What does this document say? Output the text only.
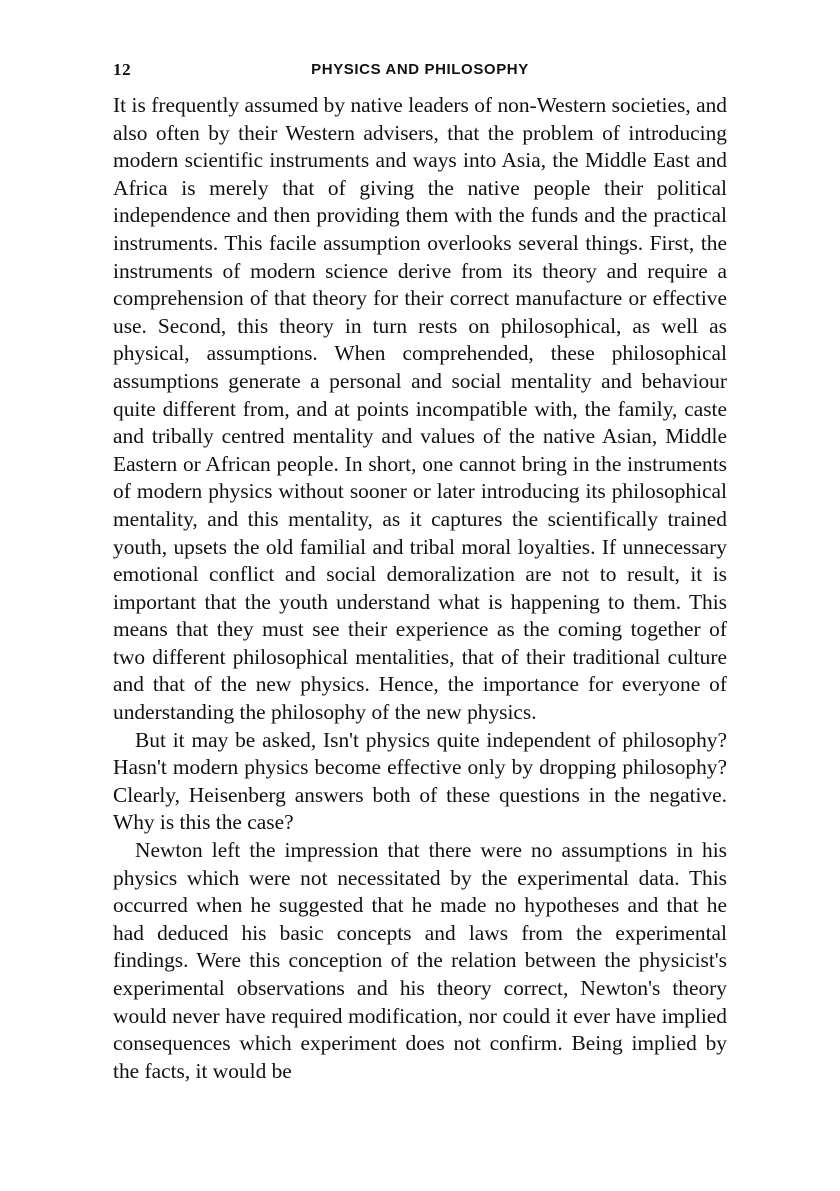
12	PHYSICS AND PHILOSOPHY

It is frequently assumed by native leaders of non-Western societies, and also often by their Western advisers, that the problem of introducing modern scientific instruments and ways into Asia, the Middle East and Africa is merely that of giving the native people their political independence and then providing them with the funds and the practical instruments. This facile assumption overlooks several things. First, the instruments of modern science derive from its theory and require a comprehension of that theory for their correct manufacture or effective use. Second, this theory in turn rests on philosophical, as well as physical, assumptions. When comprehended, these philosophical assumptions generate a personal and social mentality and behaviour quite different from, and at points incompatible with, the family, caste and tribally centred mentality and values of the native Asian, Middle Eastern or African people. In short, one cannot bring in the instruments of modern physics without sooner or later introducing its philosophical mentality, and this mentality, as it captures the scientifically trained youth, upsets the old familial and tribal moral loyalties. If unnecessary emotional conflict and social demoralization are not to result, it is important that the youth understand what is happening to them. This means that they must see their experience as the coming together of two different philosophical mentalities, that of their traditional culture and that of the new physics. Hence, the importance for everyone of understanding the philosophy of the new physics.

But it may be asked, Isn't physics quite independent of philosophy? Hasn't modern physics become effective only by dropping philosophy? Clearly, Heisenberg answers both of these questions in the negative. Why is this the case?

Newton left the impression that there were no assumptions in his physics which were not necessitated by the experimental data. This occurred when he suggested that he made no hypotheses and that he had deduced his basic concepts and laws from the experimental findings. Were this conception of the relation between the physicist's experimental observations and his theory correct, Newton's theory would never have required modification, nor could it ever have implied consequences which experiment does not confirm. Being implied by the facts, it would be
